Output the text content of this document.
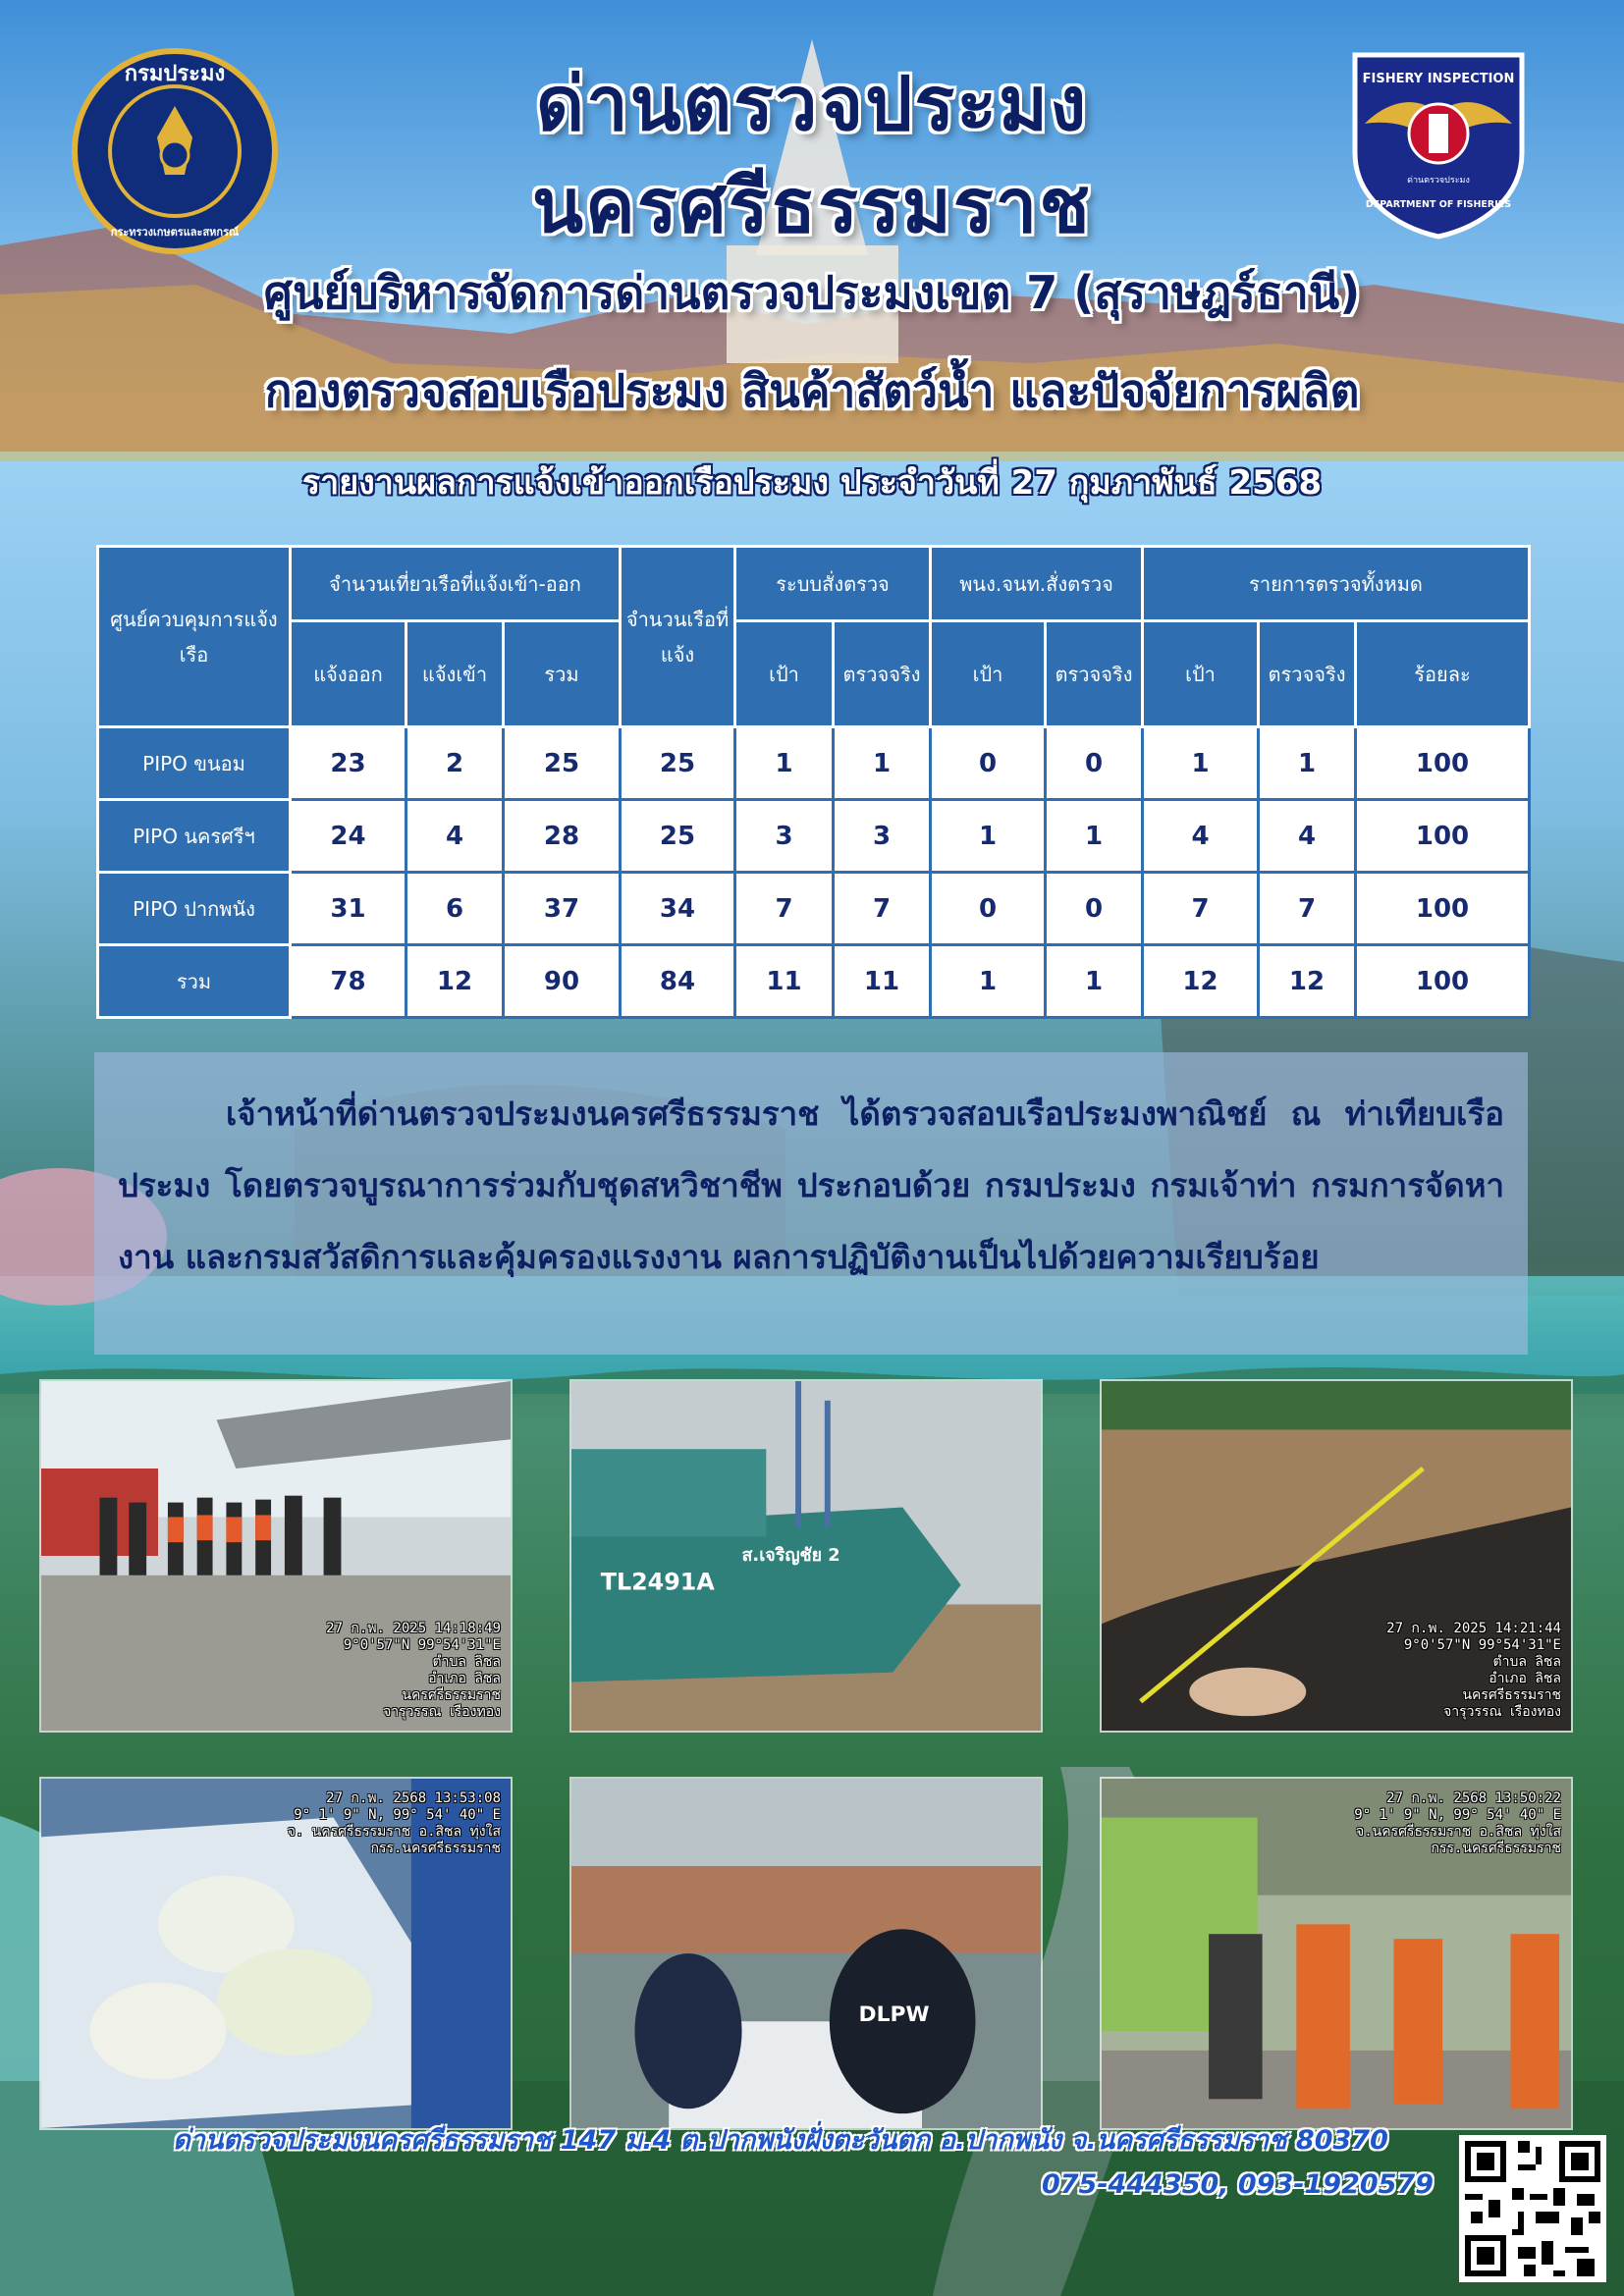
กรมประมง
กระทรวงเกษตรและสหกรณ์
FISHERY INSPECTION
ด่านตรวจประมง
DEPARTMENT OF FISHERIES
ด่านตรวจประมง
นครศรีธรรมราช
ศูนย์บริหารจัดการด่านตรวจประมงเขต 7 (สุราษฎร์ธานี)
กองตรวจสอบเรือประมง สินค้าสัตว์น้ำ และปัจจัยการผลิต
รายงานผลการแจ้งเข้าออกเรือประมง ประจำวันที่ 27 กุมภาพันธ์ 2568
ศูนย์ควบคุมการแจ้งเรือ	จำนวนเที่ยวเรือที่แจ้งเข้า-ออก			จำนวนเรือที่แจ้ง	ระบบสั่งตรวจ		พนง.จนท.สั่งตรวจ		รายการตรวจทั้งหมด		
	แจ้งออก	แจ้งเข้า	รวม		เป้า	ตรวจจริง	เป้า	ตรวจจริง	เป้า	ตรวจจริง	ร้อยละ
PIPO ขนอม	23	2	25	25	1	1	0	0	1	1	100
PIPO นครศรีฯ	24	4	28	25	3	3	1	1	4	4	100
PIPO ปากพนัง	31	6	37	34	7	7	0	0	7	7	100
รวม	78	12	90	84	11	11	1	1	12	12	100

เจ้าหน้าที่ด่านตรวจประมงนครศรีธรรมราช ได้ตรวจสอบเรือประมงพาณิชย์ ณ ท่าเทียบเรือประมง โดยตรวจบูรณาการร่วมกับชุดสหวิชาชีพ ประกอบด้วย กรมประมง กรมเจ้าท่า กรมการจัดหางาน และกรมสวัสดิการและคุ้มครองแรงงาน ผลการปฏิบัติงานเป็นไปด้วยความเรียบร้อย

27 ก.พ. 2025 14:18:49
9°0'57"N 99°54'31"E
ตำบล ลิชล
อำเภอ ลิชล
นครศรีธรรมราช
จารุวรรณ เรืองทอง
TL2491A
ส.เจริญชัย 2
27 ก.พ. 2025 14:21:44
9°0'57"N 99°54'31"E
ตำบล ลิชล
อำเภอ ลิชล
นครศรีธรรมราช
จารุวรรณ เรืองทอง
27 ก.พ. 2568 13:53:08
9° 1' 9" N, 99° 54' 40" E
จ. นครศรีธรรมราช อ.สิชล ทุ่งใส
กรร.นครศรีธรรมราช
DLPW
27 ก.พ. 2568 13:50:22
9° 1' 9" N, 99° 54' 40" E
จ.นครศรีธรรมราช อ.สิชล ทุ่งใส
กรร.นครศรีธรรมราช
ด่านตรวจประมงนครศรีธรรมราช 147 ม.4 ต.ปากพนังฝั่งตะวันตก อ.ปากพนัง จ.นครศรีธรรมราช 80370
075-444350, 093-1920579
